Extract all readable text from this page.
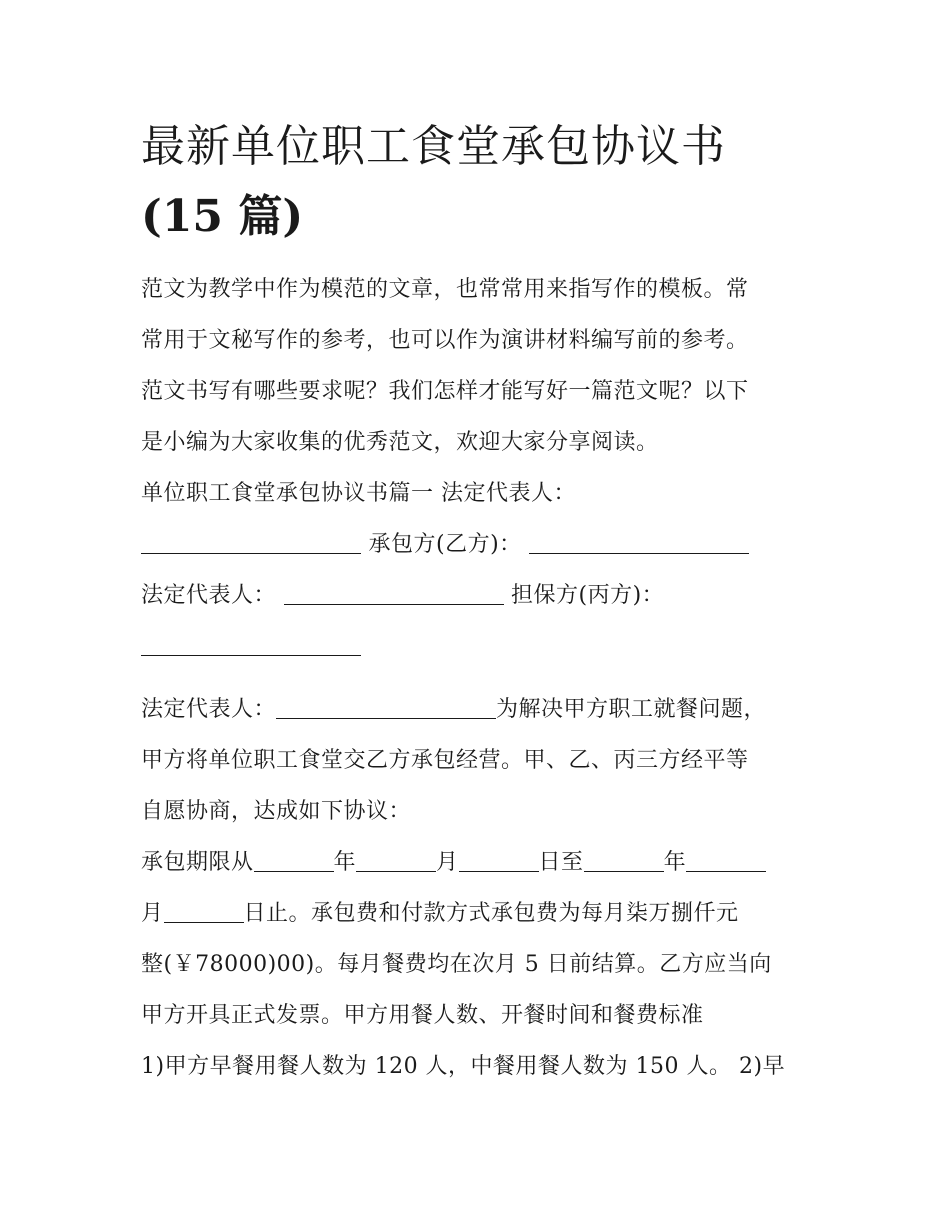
最新单位职工食堂承包协议书
(15 篇)
范文为教学中作为模范的文章，也常常用来指写作的模板。常
常用于文秘写作的参考，也可以作为演讲材料编写前的参考。
范文书写有哪些要求呢？我们怎样才能写好一篇范文呢？以下
是小编为大家收集的优秀范文，欢迎大家分享阅读。
单位职工食堂承包协议书篇一 法定代表人：
承包方(乙方)：
法定代表人：	担保方(丙方)：
法定代表人：	为解决甲方职工就餐问题，
甲方将单位职工食堂交乙方承包经营。甲、乙、丙三方经平等
自愿协商，达成如下协议：
承包期限从	年	月	日至	年
月	日止。承包费和付款方式承包费为每月柒万捌仟元
整(￥78000)00)。每月餐费均在次月 5 日前结算。乙方应当向
甲方开具正式发票。甲方用餐人数、开餐时间和餐费标准
1)甲方早餐用餐人数为 120 人，中餐用餐人数为 150 人。 2)早
